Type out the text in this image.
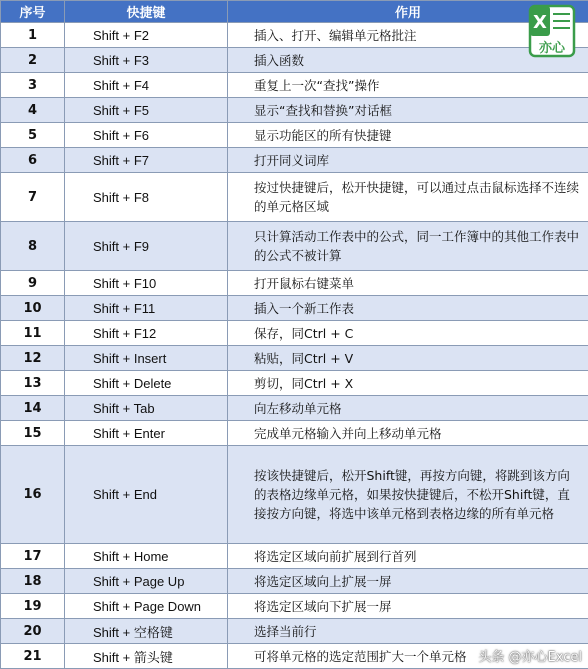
序号	快捷键	作用
1	Shift + F2	插入、打开、编辑单元格批注
2	Shift + F3	插入函数
3	Shift + F4	重复上一次“查找”操作
4	Shift + F5	显示“查找和替换”对话框
5	Shift + F6	显示功能区的所有快捷键
6	Shift + F7	打开同义词库
7	Shift + F8	按过快捷键后，松开快捷键，可以通过点击鼠标选择不连续的单元格区域
8	Shift + F9	只计算活动工作表中的公式，同一工作簿中的其他工作表中的公式不被计算
9	Shift + F10	打开鼠标右键菜单
10	Shift + F11	插入一个新工作表
11	Shift + F12	保存，同Ctrl + C
12	Shift + Insert	粘贴，同Ctrl + V
13	Shift + Delete	剪切，同Ctrl + X
14	Shift + Tab	向左移动单元格
15	Shift + Enter	完成单元格输入并向上移动单元格
16	Shift + End	按该快捷键后，松开Shift键，再按方向键，将跳到该方向的表格边缘单元格，如果按快捷键后，不松开Shift键，直接按方向键，将选中该单元格到表格边缘的所有单元格
17	Shift + Home	将选定区域向前扩展到行首列
18	Shift + Page Up	将选定区域向上扩展一屏
19	Shift + Page Down	将选定区域向下扩展一屏
20	Shift + 空格键	选择当前行
21	Shift + 箭头键	可将单元格的选定范围扩大一个单元格
X
亦心
头条 @亦心Excel
